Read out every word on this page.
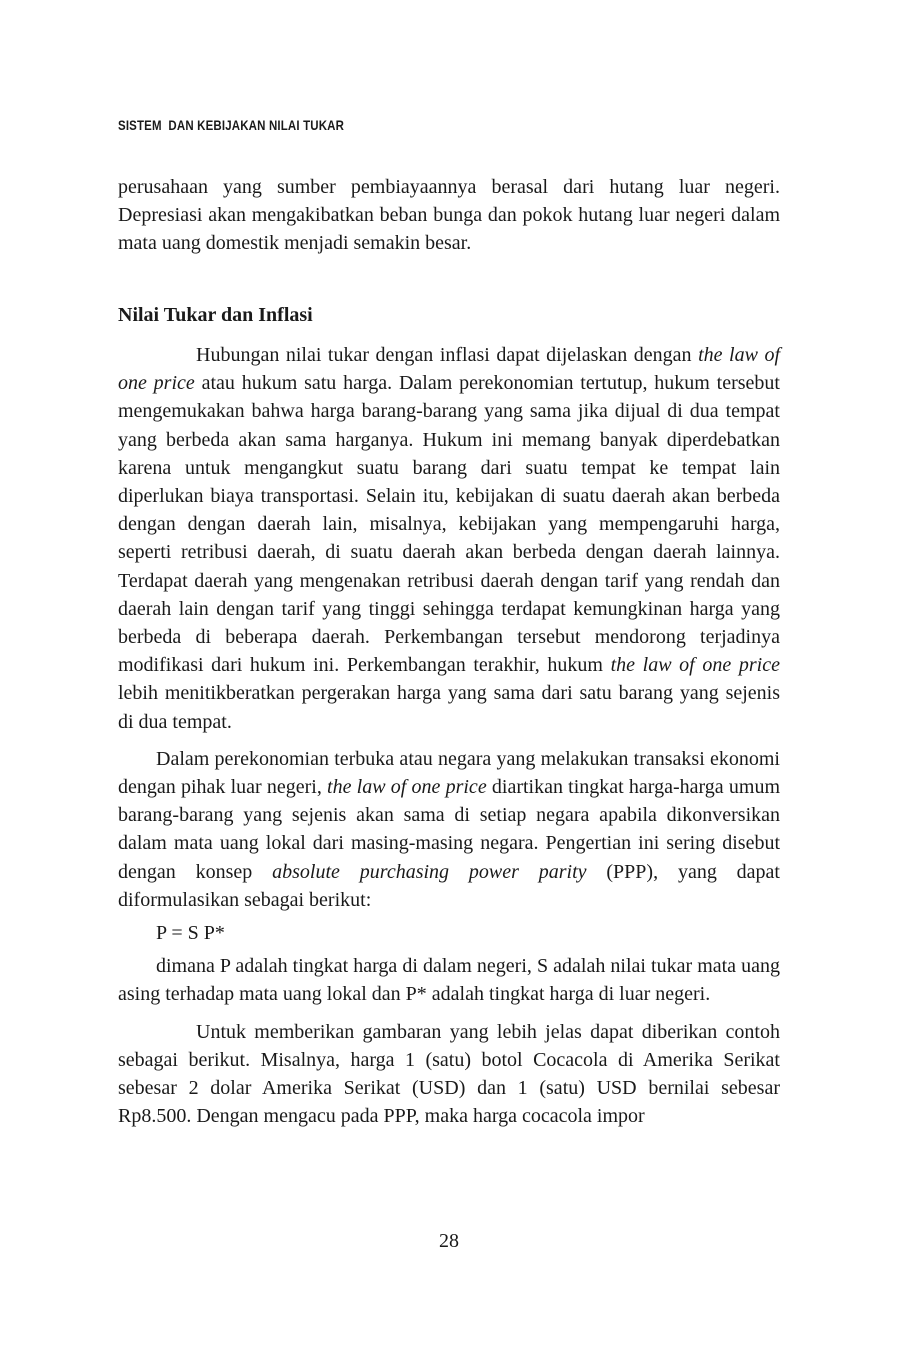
SISTEM  DAN KEBIJAKAN NILAI TUKAR

perusahaan yang sumber pembiayaannya berasal dari hutang luar negeri. Depresiasi akan mengakibatkan beban bunga dan pokok hutang luar negeri dalam mata uang domestik menjadi semakin besar.

Nilai Tukar dan Inflasi

Hubungan nilai tukar dengan inflasi dapat dijelaskan dengan the law of one price atau hukum satu harga. Dalam perekonomian tertutup, hukum tersebut mengemukakan bahwa harga barang-barang yang sama jika dijual di dua tempat yang berbeda akan sama harganya. Hukum ini memang banyak diperdebatkan karena untuk mengangkut suatu barang dari suatu tempat ke tempat lain diperlukan biaya transportasi. Selain itu, kebijakan di suatu daerah akan berbeda dengan dengan daerah lain, misalnya, kebijakan yang mempengaruhi harga, seperti retribusi daerah, di suatu daerah akan berbeda dengan daerah lainnya. Terdapat daerah yang mengenakan retribusi daerah dengan tarif yang rendah dan daerah lain dengan tarif yang tinggi sehingga terdapat kemungkinan harga yang berbeda di beberapa daerah. Perkembangan tersebut mendorong terjadinya modifikasi dari hukum ini. Perkembangan terakhir, hukum the law of one price lebih menitikberatkan pergerakan harga yang sama dari satu barang yang sejenis di dua tempat.

Dalam perekonomian terbuka atau negara yang melakukan transaksi ekonomi dengan pihak luar negeri, the law of one price diartikan tingkat harga-harga umum barang-barang yang sejenis akan sama di setiap negara apabila dikonversikan dalam mata uang lokal dari masing-masing negara. Pengertian ini sering disebut dengan konsep absolute purchasing power parity (PPP), yang dapat diformulasikan sebagai berikut:

P = S P*

dimana P adalah tingkat harga di dalam negeri, S adalah nilai tukar mata uang asing terhadap mata uang lokal dan P* adalah tingkat harga di luar negeri.

Untuk memberikan gambaran yang lebih jelas dapat diberikan contoh sebagai berikut. Misalnya, harga 1 (satu) botol Cocacola di Amerika Serikat sebesar 2 dolar Amerika Serikat (USD) dan 1 (satu) USD bernilai sebesar Rp8.500. Dengan mengacu pada PPP, maka harga cocacola impor

28
